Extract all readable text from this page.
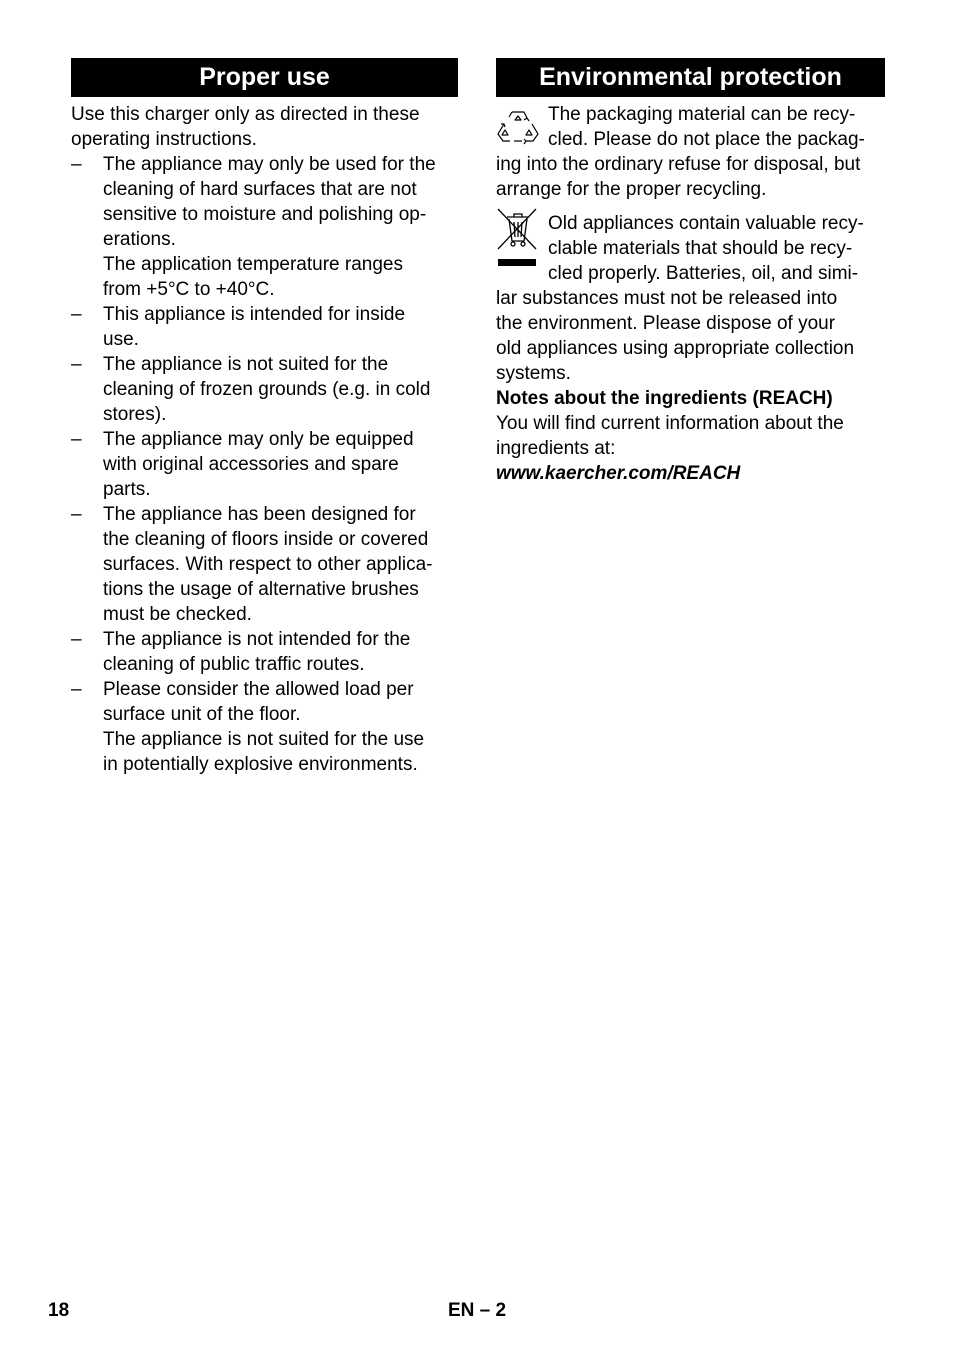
Proper use
Use this charger only as directed in these
operating instructions.
– The appliance may only be used for the
cleaning of hard surfaces that are not
sensitive to moisture and polishing op-
erations.
The application temperature ranges
from +5°C to +40°C.
– This appliance is intended for inside
use.
– The appliance is not suited for the
cleaning of frozen grounds (e.g. in cold
stores).
– The appliance may only be equipped
with original accessories and spare
parts.
– The appliance has been designed for
the cleaning of floors inside or covered
surfaces. With respect to other applica-
tions the usage of alternative brushes
must be checked.
– The appliance is not intended for the
cleaning of public traffic routes.
– Please consider the allowed load per
surface unit of the floor.
The appliance is not suited for the use
in potentially explosive environments.
Environmental protection
The packaging material can be recy-
cled. Please do not place the packag-
ing into the ordinary refuse for disposal, but
arrange for the proper recycling.
Old appliances contain valuable recy-
clable materials that should be recy-
cled properly. Batteries, oil, and simi-
lar substances must not be released into
the environment. Please dispose of your
old appliances using appropriate collection
systems.
Notes about the ingredients (REACH)
You will find current information about the
ingredients at:
www.kaercher.com/REACH
18	EN – 2
